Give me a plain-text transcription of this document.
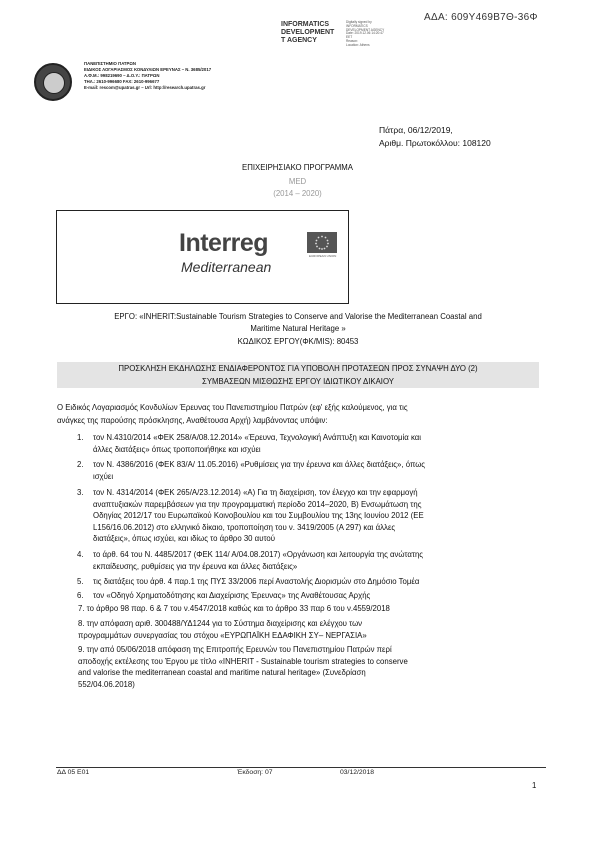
ΑΔΑ: 609Υ469Β7Θ-36Φ
INFORMATICS
DEVELOPMENT
T AGENCY
Digitally signed by
INFORMATICS
DEVELOPMENT AGENCY
Date: 2019.12.06 14:20:47
EET
Reason:
Location: Athens
ΠΑΝΕΠΙΣΤΗΜΙΟ ΠΑΤΡΩΝ
ΕΙΔΙΚΟΣ ΛΟΓΑΡΙΑΣΜΟΣ ΚΟΝΔΥΛΙΩΝ ΕΡΕΥΝΑΣ – Ν. 3685/2017
Α.Φ.Μ.: 998219690 – Δ.Ο.Υ.: ΠΑΤΡΩΝ
ΤΗΛ.: 2610-996680 FAX: 2610-996677
E-mail: rescom@upatras.gr – Url: http://research.upatras.gr
Πάτρα, 06/12/2019,
Αριθμ. Πρωτοκόλλου: 108120
ΕΠΙΧΕΙΡΗΣΙΑΚΟ ΠΡΟΓΡΑΜΜΑ
MED
(2014 – 2020)
Interreg
Mediterranean
EUROPEAN UNION
ΕΡΓΟ: «INHERIT:Sustainable Tourism Strategies to Conserve and Valorise the Mediterranean Coastal and
Maritime Natural Heritage »
ΚΩΔΙΚΟΣ ΕΡΓΟΥ(ΦΚ/MIS): 80453
ΠΡΟΣΚΛΗΣΗ ΕΚΔΗΛΩΣΗΣ ΕΝΔΙΑΦΕΡΟΝΤΟΣ ΓΙΑ ΥΠΟΒΟΛΗ ΠΡΟΤΑΣΕΩΝ ΠΡΟΣ ΣΥΝΑΨΗ ΔΥΟ (2)
ΣΥΜΒΑΣΕΩΝ ΜΙΣΘΩΣΗΣ ΕΡΓΟΥ ΙΔΙΩΤΙΚΟΥ ΔΙΚΑΙΟΥ
Ο Ειδικός Λογαριασμός Κονδυλίων Έρευνας του Πανεπιστημίου Πατρών (εφ' εξής καλούμενος, για τις
ανάγκες της παρούσης πρόσκλησης, Αναθέτουσα Αρχή) λαμβάνοντας υπόψιν:
1. τον Ν.4310/2014 «ΦΕΚ 258/Α/08.12.2014» «Έρευνα, Τεχνολογική Ανάπτυξη και Καινοτομία και
άλλες διατάξεις» όπως τροποποιήθηκε και ισχύει
2. τον Ν. 4386/2016 (ΦΕΚ 83/Α/ 11.05.2016) «Ρυθμίσεις για την έρευνα και άλλες διατάξεις», όπως
ισχύει
3. τον Ν. 4314/2014 (ΦΕΚ 265/Α/23.12.2014) «Α) Για τη διαχείριση, τον έλεγχο και την εφαρμογή
αναπτυξιακών παρεμβάσεων για την προγραμματική περίοδο 2014–2020, Β) Ενσωμάτωση της
Οδηγίας 2012/17 του Ευρωπαϊκού Κοινοβουλίου και του Συμβουλίου της 13ης Ιουνίου 2012 (ΕΕ
L156/16.06.2012) στο ελληνικό δίκαιο, τροποποίηση του ν. 3419/2005 (Α 297) και άλλες
διατάξεις», όπως ισχύει, και ιδίως το άρθρο 30 αυτού
4. το άρθ. 64 του Ν. 4485/2017 (ΦΕΚ 114/ Α/04.08.2017) «Οργάνωση και λειτουργία της ανώτατης
εκπαίδευσης, ρυθμίσεις για την έρευνα και άλλες διατάξεις»
5. τις διατάξεις του άρθ. 4 παρ.1 της ΠΥΣ 33/2006 περί Αναστολής Διορισμών στο Δημόσιο Τομέα
6. τον «Οδηγό Χρηματοδότησης και Διαχείρισης Έρευνας» της Αναθέτουσας Αρχής
7. το άρθρο 98 παρ. 6 & 7 του ν.4547/2018 καθώς και το άρθρο 33 παρ 6 του ν.4559/2018
8. την απόφαση αριθ. 300488/ΥΔ1244 για το Σύστημα διαχείρισης και ελέγχου των
προγραμμάτων συνεργασίας του στόχου «ΕΥΡΩΠΑΪΚΗ ΕΔΑΦΙΚΗ ΣΥ– ΝΕΡΓΑΣΙΑ»
9. την από 05/06/2018 απόφαση της Επιτροπής Ερευνών του Πανεπιστημίου Πατρών περί
αποδοχής εκτέλεσης του Έργου με τίτλο «INHERIT - Sustainable tourism strategies to conserve
and valorise the mediterranean coastal and maritime natural heritage» (Συνεδρίαση
552/04.06.2018)
ΔΔ 05 Ε01	Έκδοση: 07	03/12/2018
1
